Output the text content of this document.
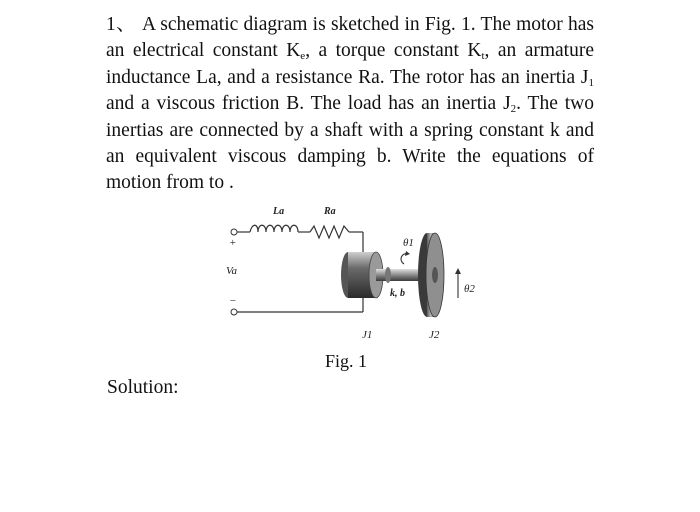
1、 A schematic diagram is sketched in Fig. 1. The motor has an electrical constant $K_e$, a torque constant $K_t$, an armature inductance La, and a resistance Ra. The rotor has an inertia $J_1$ and a viscous friction B. The load has an inertia $J_2$. The two inertias are connected by a shaft with a spring constant k and an equivalent viscous damping b. Write the equations of motion from to .
+
−
Va
La	Ra
k, b
θ1
θ2
J1	J2
Fig. 1
Solution:
